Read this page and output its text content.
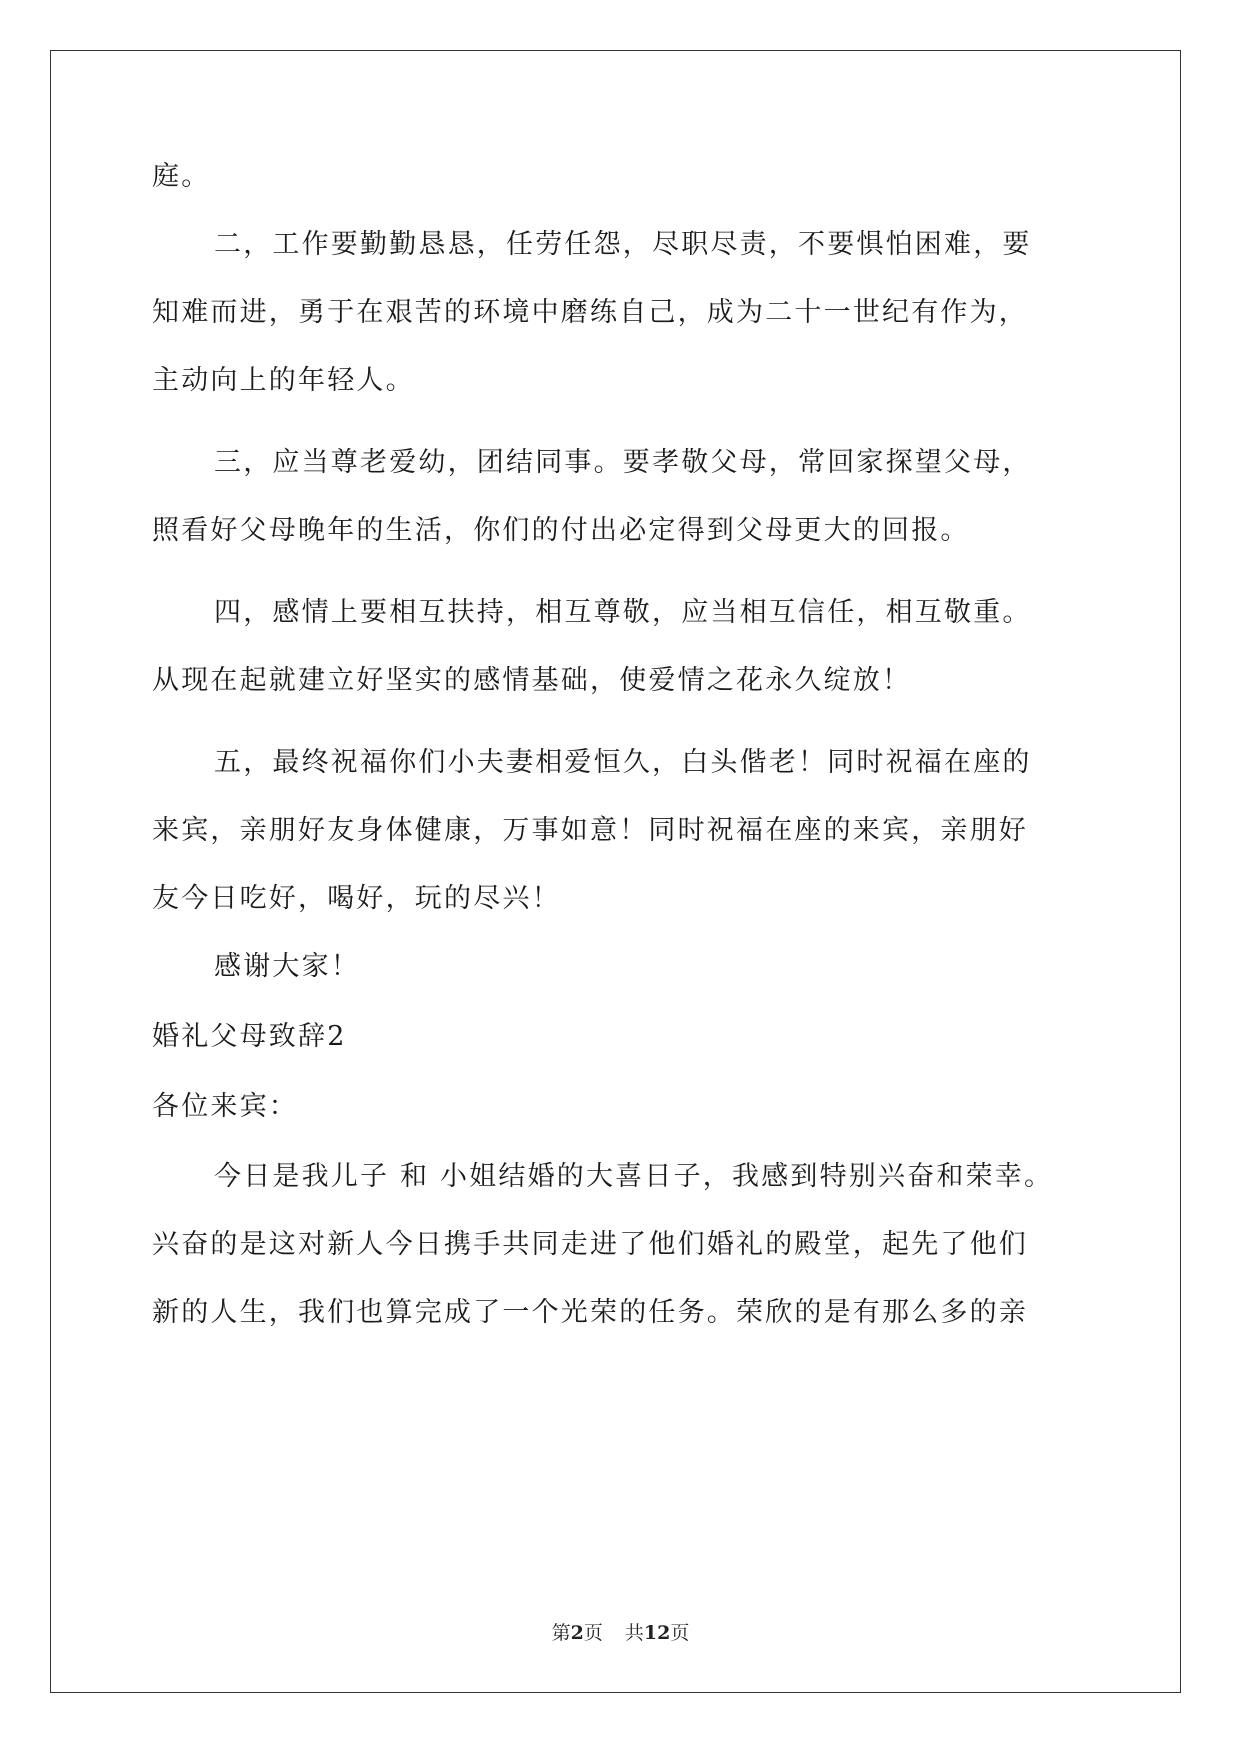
庭。
二，工作要勤勤恳恳，任劳任怨，尽职尽责，不要惧怕困难，要
知难而进，勇于在艰苦的环境中磨练自己，成为二十一世纪有作为，
主动向上的年轻人。
三，应当尊老爱幼，团结同事。要孝敬父母，常回家探望父母，
照看好父母晚年的生活，你们的付出必定得到父母更大的回报。
四，感情上要相互扶持，相互尊敬，应当相互信任，相互敬重。
从现在起就建立好坚实的感情基础，使爱情之花永久绽放！
五，最终祝福你们小夫妻相爱恒久，白头偕老！同时祝福在座的
来宾，亲朋好友身体健康，万事如意！同时祝福在座的来宾，亲朋好
友今日吃好，喝好，玩的尽兴！
感谢大家！
婚礼父母致辞2
各位来宾：
今日是我儿子 和 小姐结婚的大喜日子，我感到特别兴奋和荣幸。
兴奋的是这对新人今日携手共同走进了他们婚礼的殿堂，起先了他们
新的人生，我们也算完成了一个光荣的任务。荣欣的是有那么多的亲
第2页 共12页
